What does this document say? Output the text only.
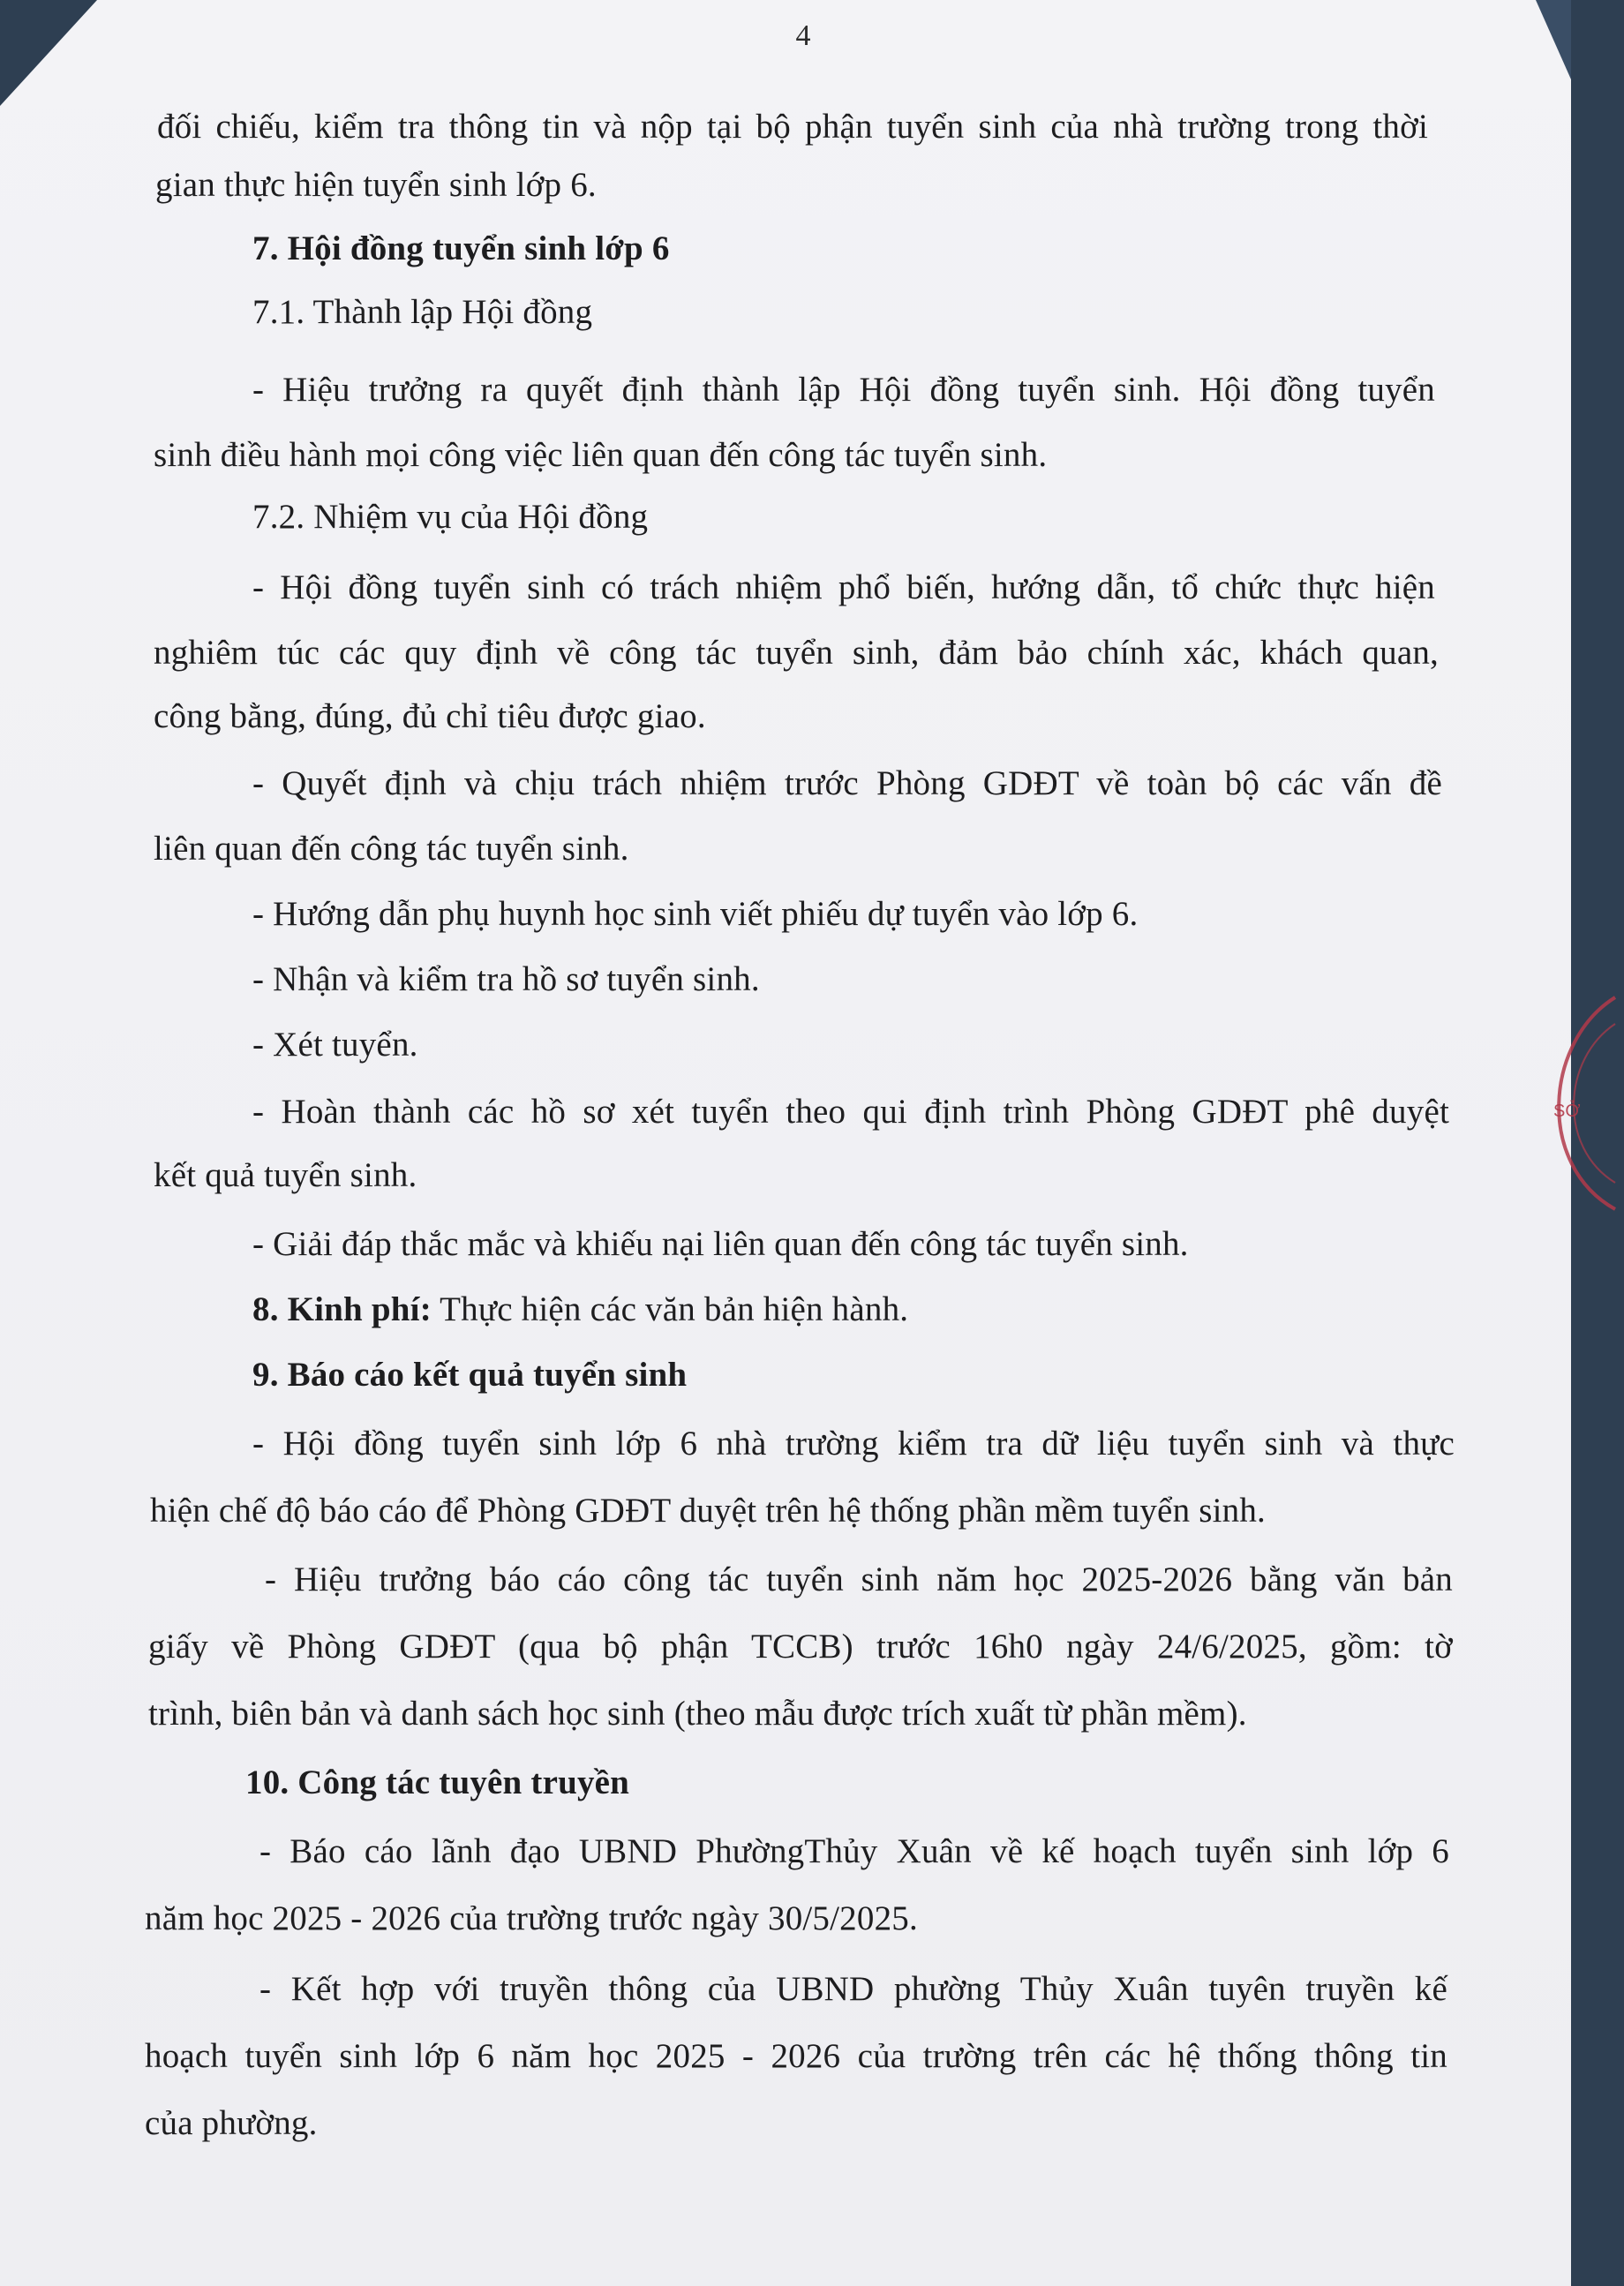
4
đối chiếu, kiểm tra thông tin và nộp tại bộ phận tuyển sinh của nhà trường trong thời
gian thực hiện tuyển sinh lớp 6.
7. Hội đồng tuyển sinh lớp 6
7.1. Thành lập Hội đồng
- Hiệu trưởng ra quyết định thành lập Hội đồng tuyển sinh. Hội đồng tuyển
sinh điều hành mọi công việc liên quan đến công tác tuyển sinh.
7.2. Nhiệm vụ của Hội đồng
- Hội đồng tuyển sinh có trách nhiệm phổ biến, hướng dẫn, tổ chức thực hiện
nghiêm túc các quy định về công tác tuyển sinh, đảm bảo chính xác, khách quan,
công bằng, đúng, đủ chỉ tiêu được giao.
- Quyết định và chịu trách nhiệm trước Phòng GDĐT về toàn bộ các vấn đề
liên quan đến công tác tuyển sinh.
- Hướng dẫn phụ huynh học sinh viết phiếu dự tuyển vào lớp 6.
- Nhận và kiểm tra hồ sơ tuyển sinh.
- Xét tuyển.
- Hoàn thành các hồ sơ xét tuyển theo qui định trình Phòng GDĐT phê duyệt
kết quả tuyển sinh.
- Giải đáp thắc mắc và khiếu nại liên quan đến công tác tuyển sinh.
8. Kinh phí: Thực hiện các văn bản hiện hành.
9. Báo cáo kết quả tuyển sinh
- Hội đồng tuyển sinh lớp 6 nhà trường kiểm tra dữ liệu tuyển sinh và thực
hiện chế độ báo cáo để Phòng GDĐT duyệt trên hệ thống phần mềm tuyển sinh.
- Hiệu trưởng báo cáo công tác tuyển sinh năm học 2025-2026 bằng văn bản
giấy về Phòng GDĐT (qua bộ phận TCCB) trước 16h0 ngày 24/6/2025, gồm: tờ
trình, biên bản và danh sách học sinh (theo mẫu được trích xuất từ phần mềm).
10. Công tác tuyên truyền
- Báo cáo lãnh đạo UBND PhườngThủy Xuân về kế hoạch tuyển sinh lớp 6
năm học 2025 - 2026 của trường trước ngày 30/5/2025.
- Kết hợp với truyền thông của UBND phường Thủy Xuân tuyên truyền kế
hoạch tuyển sinh lớp 6 năm học 2025 - 2026 của trường trên các hệ thống thông tin
của phường.
SỞ
